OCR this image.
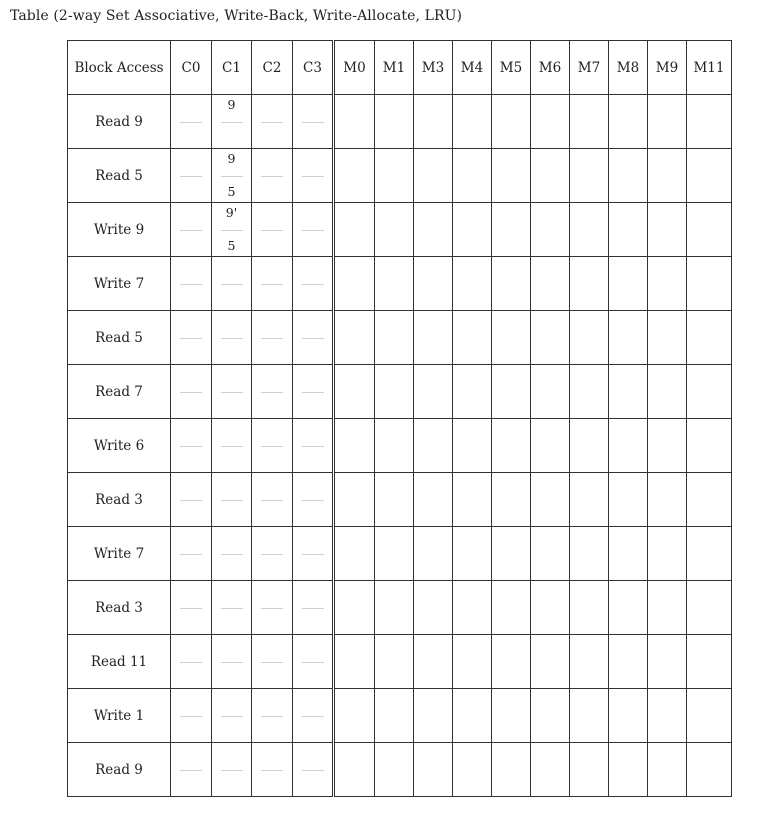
Table (2-way Set Associative, Write-Back, Write-Allocate, LRU)
Block Access	C0	C1	C2	C3	M0	M1	M3	M4	M5	M6	M7	M8	M9	M11
Read 9		9												

Read 5		9
5												

Write 9		9'
5												

Write 7	

Read 5	

Read 7	

Write 6	

Read 3	

Write 7	

Read 3	

Read 11	

Write 1	

Read 9	
